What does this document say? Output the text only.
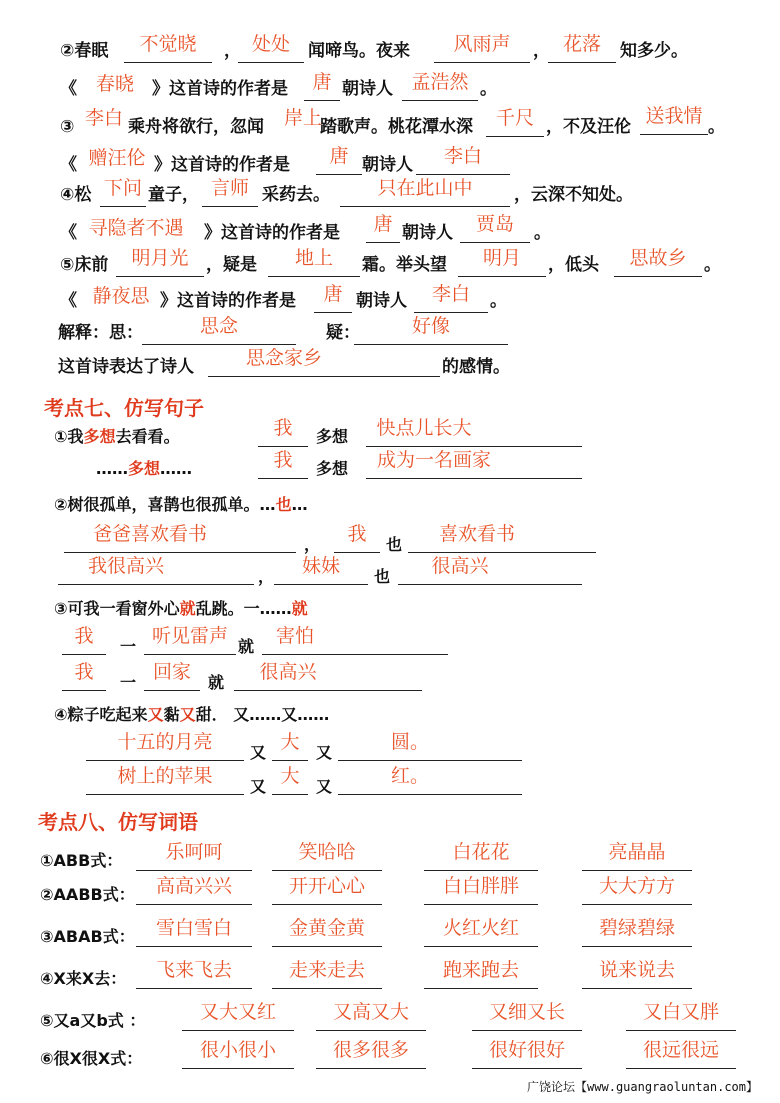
②春眠	不觉晓	， 处处	闻啼鸟。夜来	风雨声	， 花落	知多少。
《 春晓	》这首诗的作者是	唐 朝诗人 孟浩然 。
③ 李白 乘舟将欲行，忽闻 岸上
踏歌声。桃花潭水深	千尺 ，不及汪伦 送我情 。
《 赠汪伦 》这首诗的作者是	唐 朝诗人	李白
④松 下问 童子， 言师 采药去。	只在此山中	，云深不知处。
《 寻隐者不遇	》这首诗的作者是	唐 朝诗人	贾岛	。
⑤床前	明月光	，疑是	地上	霜。举头望	明月	，低头	思故乡	。
《 静夜思 》这首诗的作者是	唐 朝诗人	李白	。
解释：思：	思念	疑：	好像
这首诗表达了诗人	思念家乡	的感情。
考点七、仿写句子
①我多想去看看。	我	多想	快点儿长大
……多想……	我	多想	成为一名画家
②树很孤单，喜鹊也很孤单。…也…
爸爸喜欢看书	，	我	也	喜欢看书
我很高兴	，	妹妹	也	很高兴
③可我一看窗外心就乱跳。一……就
我	一 听见雷声 就	害怕
我	一 回家	就	很高兴
④粽子吃起来又黏又甜． 又……又……
十五的月亮	又 大	又	圆。
树上的苹果	又 大	又	红。
考点八、仿写词语
①ABB式：	乐呵呵	笑哈哈	白花花	亮晶晶
②AABB式：	高高兴兴	开开心心	白白胖胖	大大方方
③ABAB式：	雪白雪白	金黄金黄	火红火红	碧绿碧绿
④X来X去：	飞来飞去	走来走去	跑来跑去	说来说去
⑤又a又b式 ：	又大又红	又高又大	又细又长	又白又胖
⑥很X很X式：	很小很小	很多很多	很好很好	很远很远
广饶论坛【www.guangraoluntan.com】
